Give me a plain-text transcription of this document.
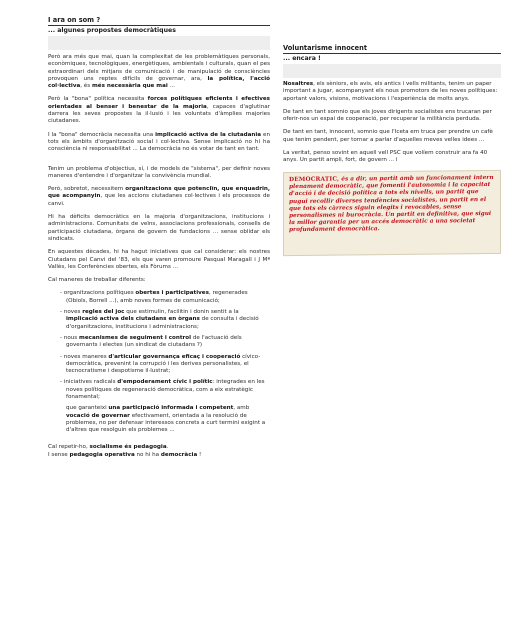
I ara on som ?
... algunes propostes democràtiques

Però ara més que mai, quan la complexitat de les problemàtiques personals, econòmiques, tecnològiques, energètiques, ambientals i culturals, quan el pes extraordinari dels mitjans de comunicació i de manipulació de consciències provoquen uns reptes difícils de governar, ara, la política, l'acció col·lectiva, és més necessària que mai ...

Però la "bona" política necessita forces polítiques eficients i efectives orientades al benser i benestar de la majoria, capaces d'aglutinar darrera les seves propostes la il·lusió i les voluntats d'àmplies majories ciutadanes.

I la "bona" democràcia necessita una implicació activa de la ciutadania en tots els àmbits d'organització social i col·lectiva. Sense implicació no hi ha consciència ni responsabilitat ... La democràcia no és votar de tant en tant.

Tenim un problema d'objectius, sí, i de models de "sistema", per definir noves maneres d'entendre i d'organitzar la convivència mundial.

Però, sobretot, necessitem organitzacions que potenciïn, que enquadrin, que acompanyin, que les accions ciutadanes col·lectives i els processos de canvi.

Hi ha dèficits democràtics en la majoria d'organitzacions, institucions i administracions. Comunitats de veïns, associacions professionals, consells de participació ciutadana, òrgans de govern de fundacions ... sense oblidar els sindicats.

En aquestes dècades, hi ha hagut iniciatives que cal considerar: els nostres Ciutadans pel Canvi del '83, els que varen promoure Pasqual Maragall i J Mª Vallès, les Conferències obertes, els Fòrums ...

Cal maneres de treballar diferents:

- organitzacions polítiques obertes i participatives, regenerades (Obiols, Borrell ...), amb noves formes de comunicació;
- noves regles del joc que estimulin, facilitin i donin sentit a la implicació activa dels ciutadans en òrgans de consulta i decisió d'organitzacions, institucions i administracions;
- nous mecanismes de seguiment i control de l'actuació dels governants i electes (un sindicat de ciutadans ?)
- noves maneres d'articular governança eficaç i cooperació cívico-democràtica, prevenint la corrupció i les derives personalistes, el tecnocratisme i despotisme il·lustrat;
- iniciatives radicals d'empoderament cívic i polític: integrades en les noves polítiques de regeneració democràtica, com a eix estratègic fonamental;
que garanteixi una participació informada i competent, amb vocació de governar efectivament, orientada a la resolució de problemes, no per defensar interessos concrets a curt termini exigint a d'altres que resolguin els problemes ...

Cal repetir-ho, socialisme és pedagogia.

I sense pedagogia operativa no hi ha democràcia !

Voluntarisme innocent
... encara !

Nosaltres, els sèniors, els avis, els antics i vells militants, tenim un paper important a jugar, acompanyant els nous promotors de les noves polítiques: aportant valors, visions, motivacions i l'experiència de molts anys.

De tant en tant somnio que els joves dirigents socialistes ens trucaran per oferir-nos un espai de cooperació, per recuperar la militància perduda.

De tant en tant, innocent, somnio que l'Iceta em truca per prendre un cafè que tenim pendent, per tornar a parlar d'aquelles meves velles idees ...

La veritat, penso sovint en aquell vell PSC que volíem construir ara fa 40 anys. Un partit ampli, fort, de govern ... i

DEMOCRATIC, és a dir, un partit amb un funcionament intern plenament democràtic, que fomenti l'autonomia i la capacitat d'acció i de decisió política a tots els nivells, un partit que pugui recollir diverses tendències socialistes, un partit en el que tots els càrrecs siguin elegits i revocables, sense personalismes ni burocràcia. Un partit en definitiva, que sigui la millor garantia per un accés democràtic a una societat profundament democràtica.
